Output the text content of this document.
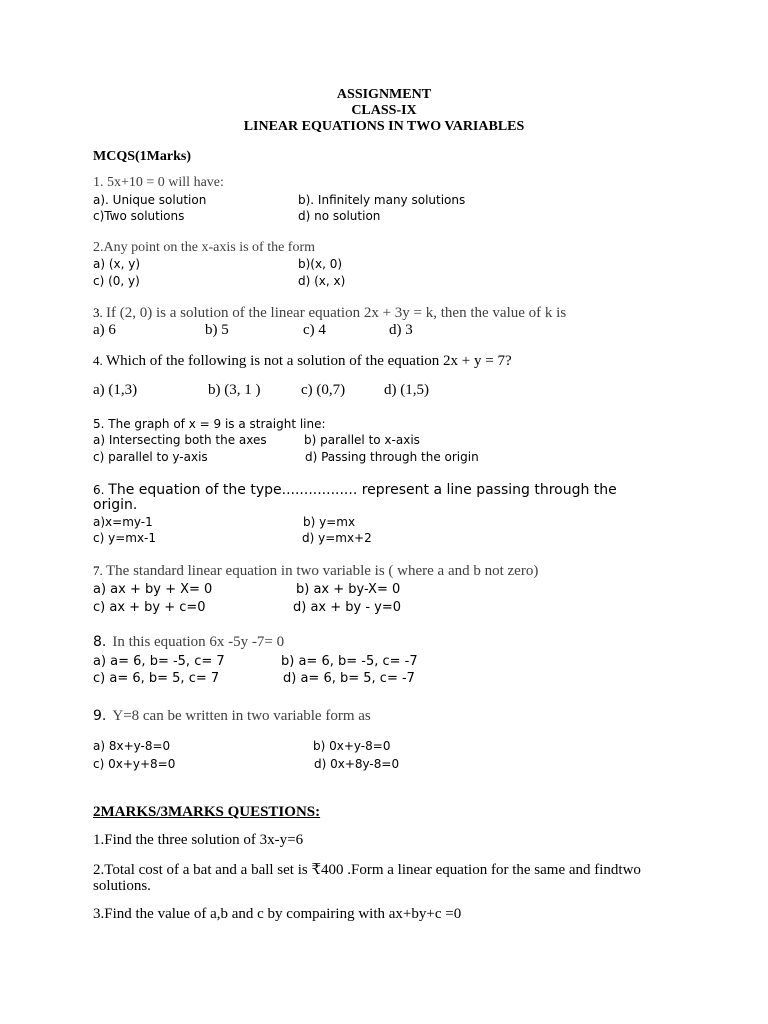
ASSIGNMENT
CLASS-IX
LINEAR EQUATIONS IN TWO VARIABLES
MCQS(1Marks)
1. 5x+10 = 0 will have:
a). Unique solution	b). Infinitely many solutions
c)Two solutions	d) no solution
2.Any point on the x-axis is of the form
a) (x, y)	b)(x, 0)
c) (0, y)	d) (x, x)
3. If (2, 0) is a solution of the linear equation 2x + 3y = k, then the value of k is
a) 6	b) 5	c) 4	d) 3
4. Which of the following is not a solution of the equation 2x + y = 7?
a) (1,3)	b) (3, 1 )	c) (0,7)	d) (1,5)
5. The graph of x = 9 is a straight line:
a) Intersecting both the axes	b) parallel to x-axis
c) parallel to y-axis	d) Passing through the origin
6. The equation of the type................. represent a line passing through the
origin.
a)x=my-1	b) y=mx
c) y=mx-1	d) y=mx+2
7. The standard linear equation in two variable is ( where a and b not zero)
a) ax + by + X= 0	b) ax + by-X= 0
c) ax + by + c=0	d) ax + by - y=0
8. In this equation 6x -5y -7= 0
a) a= 6, b= -5, c= 7	b) a= 6, b= -5, c= -7
c) a= 6, b= 5, c= 7	d) a= 6, b= 5, c= -7
9. Y=8 can be written in two variable form as
a) 8x+y-8=0	b) 0x+y-8=0
c) 0x+y+8=0	d) 0x+8y-8=0
2MARKS/3MARKS QUESTIONS:
1.Find the three solution of 3x-y=6
2.Total cost of a bat and a ball set is ₹400 .Form a linear equation for the same and findtwo
solutions.
3.Find the value of a,b and c by compairing with ax+by+c =0
